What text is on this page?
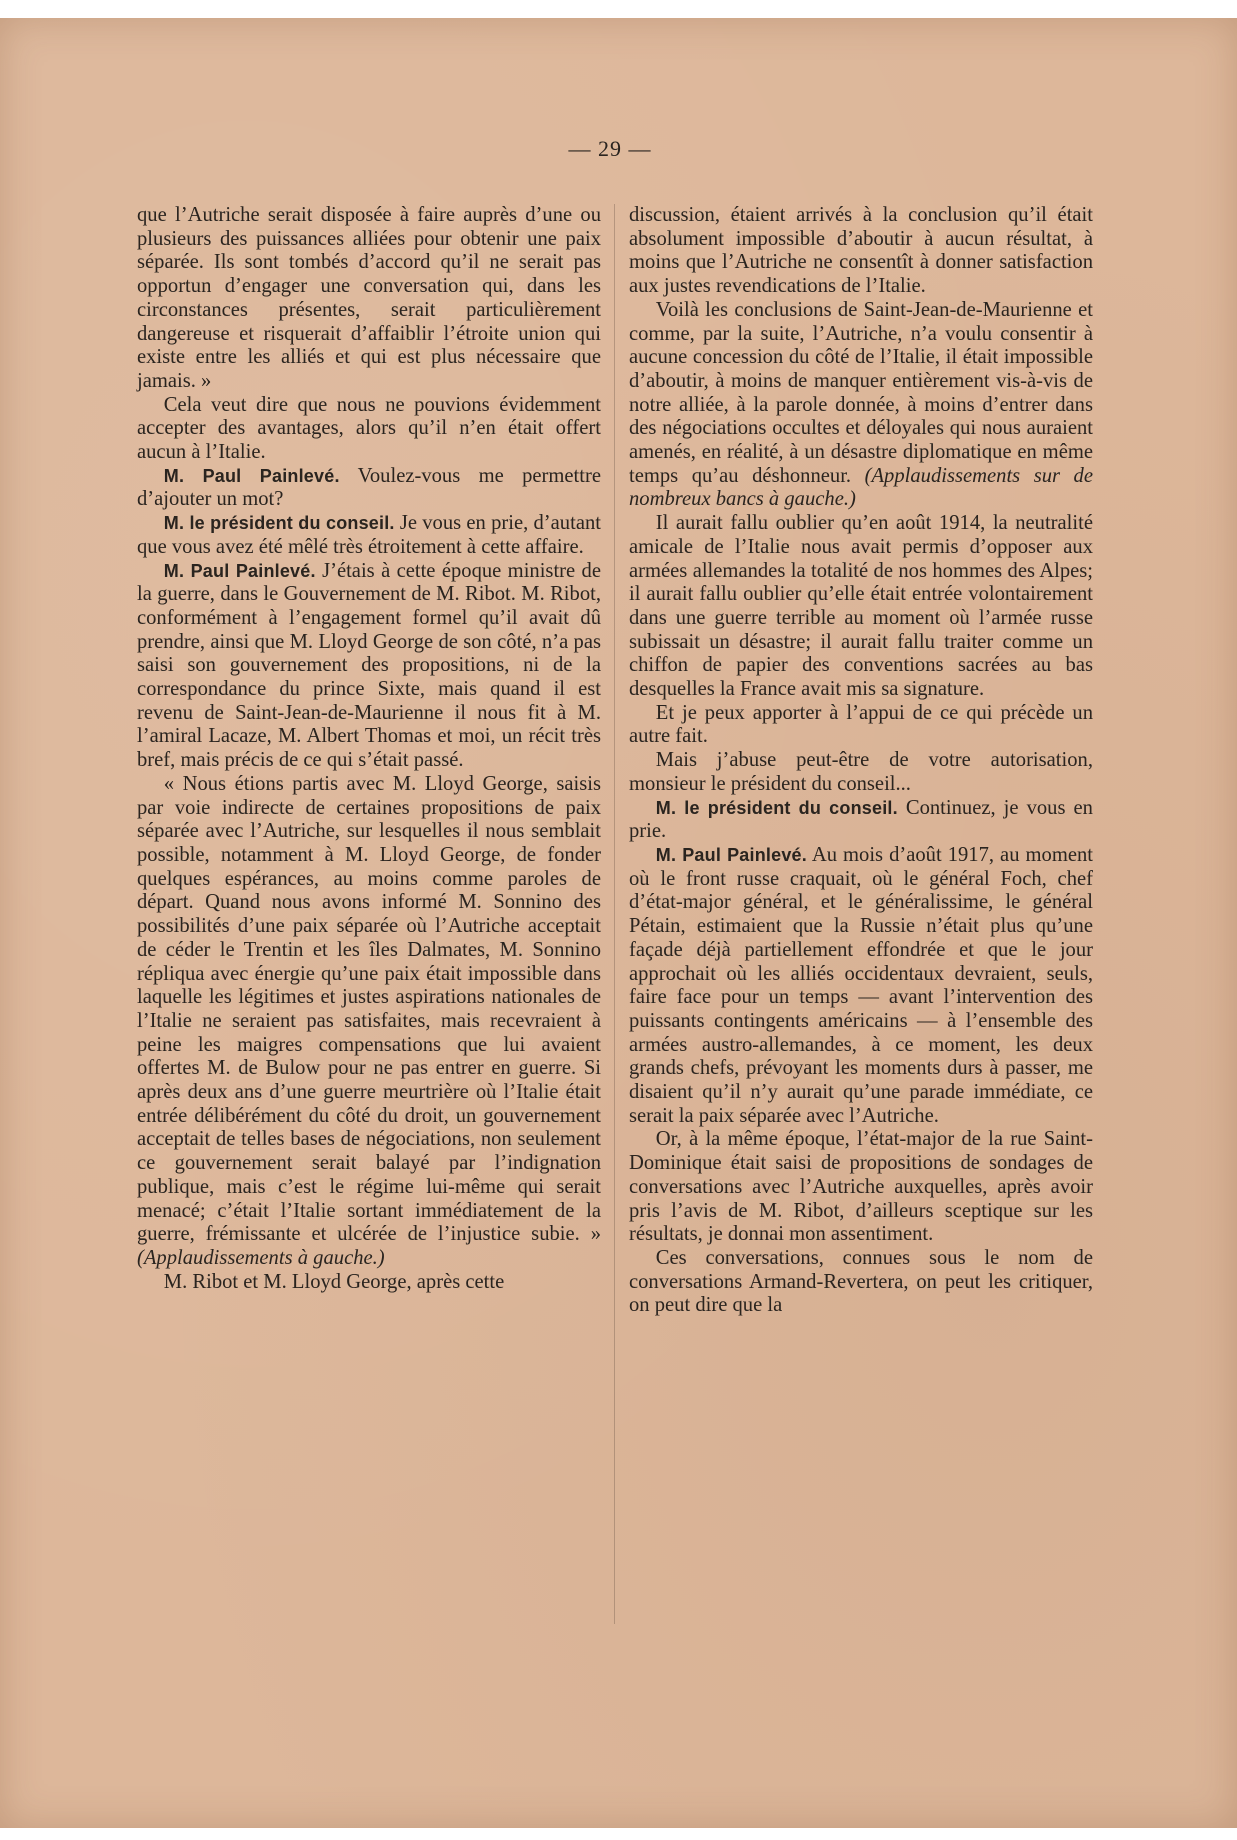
— 29 —

que l’Autriche serait disposée à faire auprès d’une ou plusieurs des puissances alliées pour obtenir une paix séparée. Ils sont tombés d’accord qu’il ne serait pas opportun d’engager une conversation qui, dans les circonstances présentes, serait particulièrement dangereuse et risquerait d’affaiblir l’étroite union qui existe entre les alliés et qui est plus nécessaire que jamais. »

Cela veut dire que nous ne pouvions évidemment accepter des avantages, alors qu’il n’en était offert aucun à l’Italie.

M. Paul Painlevé. Voulez-vous me permettre d’ajouter un mot?

M. le président du conseil. Je vous en prie, d’autant que vous avez été mêlé très étroitement à cette affaire.

M. Paul Painlevé. J’étais à cette époque ministre de la guerre, dans le Gouvernement de M. Ribot. M. Ribot, conformément à l’engagement formel qu’il avait dû prendre, ainsi que M. Lloyd George de son côté, n’a pas saisi son gouvernement des propositions, ni de la correspondance du prince Sixte, mais quand il est revenu de Saint-Jean-de-Maurienne il nous fit à M. l’amiral Lacaze, M. Albert Thomas et moi, un récit très bref, mais précis de ce qui s’était passé.

« Nous étions partis avec M. Lloyd George, saisis par voie indirecte de certaines propositions de paix séparée avec l’Autriche, sur lesquelles il nous semblait possible, notamment à M. Lloyd George, de fonder quelques espérances, au moins comme paroles de départ. Quand nous avons informé M. Sonnino des possibilités d’une paix séparée où l’Autriche acceptait de céder le Trentin et les îles Dalmates, M. Sonnino répliqua avec énergie qu’une paix était impossible dans laquelle les légitimes et justes aspirations nationales de l’Italie ne seraient pas satisfaites, mais recevraient à peine les maigres compensations que lui avaient offertes M. de Bulow pour ne pas entrer en guerre. Si après deux ans d’une guerre meurtrière où l’Italie était entrée délibérément du côté du droit, un gouvernement acceptait de telles bases de négociations, non seulement ce gouvernement serait balayé par l’indignation publique, mais c’est le régime lui-même qui serait menacé; c’était l’Italie sortant immédiatement de la guerre, frémissante et ulcérée de l’injustice subie. » (Applaudissements à gauche.)

M. Ribot et M. Lloyd George, après cette

discussion, étaient arrivés à la conclusion qu’il était absolument impossible d’aboutir à aucun résultat, à moins que l’Autriche ne consentît à donner satisfaction aux justes revendications de l’Italie.

Voilà les conclusions de Saint-Jean-de-Maurienne et comme, par la suite, l’Autriche, n’a voulu consentir à aucune concession du côté de l’Italie, il était impossible d’aboutir, à moins de manquer entièrement vis-à-vis de notre alliée, à la parole donnée, à moins d’entrer dans des négociations occultes et déloyales qui nous auraient amenés, en réalité, à un désastre diplomatique en même temps qu’au déshonneur. (Applaudissements sur de nombreux bancs à gauche.)

Il aurait fallu oublier qu’en août 1914, la neutralité amicale de l’Italie nous avait permis d’opposer aux armées allemandes la totalité de nos hommes des Alpes; il aurait fallu oublier qu’elle était entrée volontairement dans une guerre terrible au moment où l’armée russe subissait un désastre; il aurait fallu traiter comme un chiffon de papier des conventions sacrées au bas desquelles la France avait mis sa signature.

Et je peux apporter à l’appui de ce qui précède un autre fait.

Mais j’abuse peut-être de votre autorisation, monsieur le président du conseil...

M. le président du conseil. Continuez, je vous en prie.

M. Paul Painlevé. Au mois d’août 1917, au moment où le front russe craquait, où le général Foch, chef d’état-major général, et le généralissime, le général Pétain, estimaient que la Russie n’était plus qu’une façade déjà partiellement effondrée et que le jour approchait où les alliés occidentaux devraient, seuls, faire face pour un temps — avant l’intervention des puissants contingents américains — à l’ensemble des armées austro-allemandes, à ce moment, les deux grands chefs, prévoyant les moments durs à passer, me disaient qu’il n’y aurait qu’une parade immédiate, ce serait la paix séparée avec l’Autriche.

Or, à la même époque, l’état-major de la rue Saint-Dominique était saisi de propositions de sondages de conversations avec l’Autriche auxquelles, après avoir pris l’avis de M. Ribot, d’ailleurs sceptique sur les résultats, je donnai mon assentiment.

Ces conversations, connues sous le nom de conversations Armand-Revertera, on peut les critiquer, on peut dire que la
